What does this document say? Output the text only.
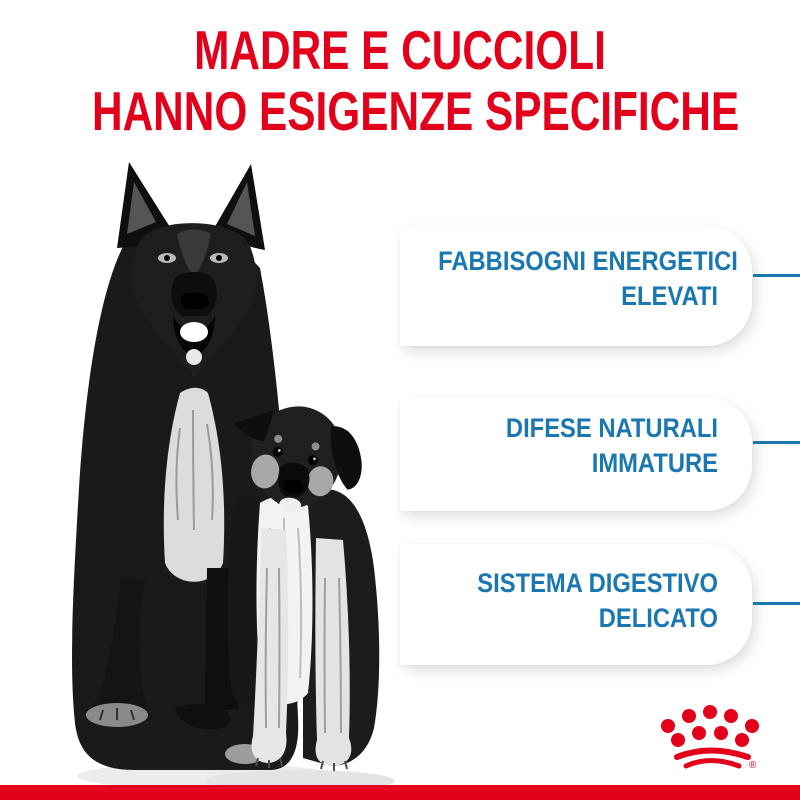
MADRE E CUCCIOLI
HANNO ESIGENZE SPECIFICHE
FABBISOGNI ENERGETICI
ELEVATI
DIFESE NATURALI
IMMATURE
SISTEMA DIGESTIVO
DELICATO
®
